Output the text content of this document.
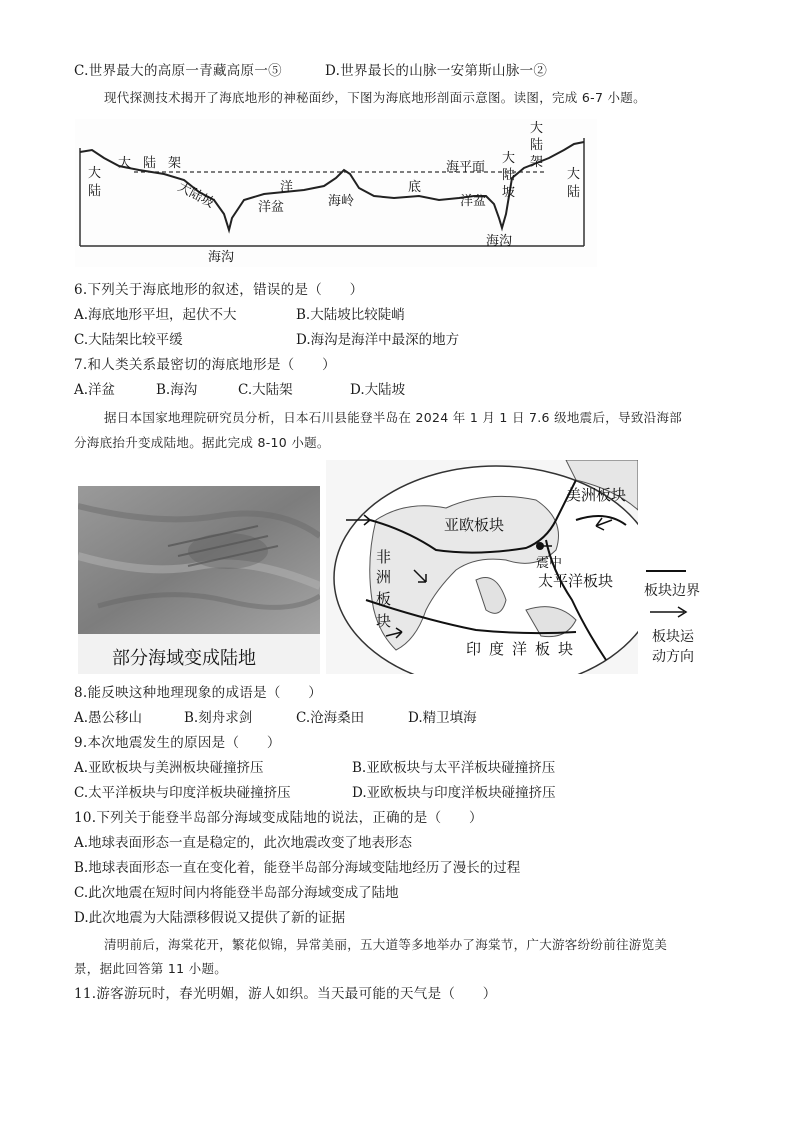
C.世界最大的高原一青藏高原一⑤	D.世界最长的山脉一安第斯山脉一②
现代探测技术揭开了海底地形的神秘面纱，下图为海底地形剖面示意图。读图，完成 6-7 小题。
大
陆
大陆架
大陆坡
海沟
洋
洋盆	海岭
底
洋盆
海平面
大陆坡
大陆架
大陆
海沟
6.下列关于海底地形的叙述，错误的是（　　）
A.海底地形平坦，起伏不大	B.大陆坡比较陡峭
C.大陆架比较平缓	D.海沟是海洋中最深的地方
7.和人类关系最密切的海底地形是（　　）
A.洋盆	B.海沟	C.大陆架	D.大陆坡
据日本国家地理院研究员分析，日本石川县能登半岛在 2024 年 1 月 1 日 7.6 级地震后，导致沿海部
分海底抬升变成陆地。据此完成 8-10 小题。
部分海域变成陆地
美洲板块
亚欧板块
非
洲
板
块
太平洋板块
印度洋板块
震中
板块边界
板块运
动方向
8.能反映这种地理现象的成语是（　　）
A.愚公移山	B.刻舟求剑	C.沧海桑田	D.精卫填海
9.本次地震发生的原因是（　　）
A.亚欧板块与美洲板块碰撞挤压	B.亚欧板块与太平洋板块碰撞挤压
C.太平洋板块与印度洋板块碰撞挤压	D.亚欧板块与印度洋板块碰撞挤压
10.下列关于能登半岛部分海域变成陆地的说法，正确的是（　　）
A.地球表面形态一直是稳定的，此次地震改变了地表形态
B.地球表面形态一直在变化着，能登半岛部分海域变陆地经历了漫长的过程
C.此次地震在短时间内将能登半岛部分海域变成了陆地
D.此次地震为大陆漂移假说又提供了新的证据
清明前后，海棠花开，繁花似锦，异常美丽，五大道等多地举办了海棠节，广大游客纷纷前往游览美
景，据此回答第 11 小题。
11.游客游玩时，春光明媚，游人如织。当天最可能的天气是（　　）
